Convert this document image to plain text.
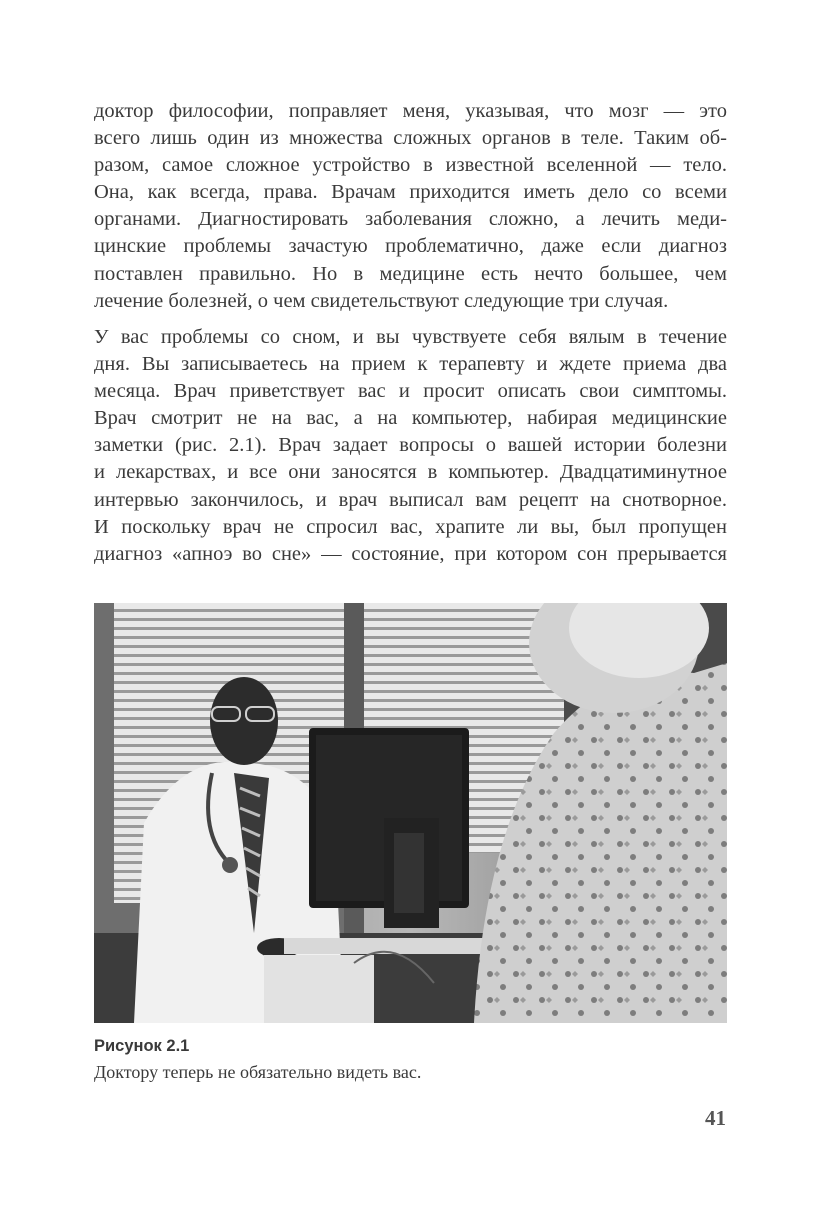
доктор философии, поправляет меня, указывая, что мозг — это
всего лишь один из множества сложных органов в теле. Таким об-
разом, самое сложное устройство в известной вселенной — тело.
Она, как всегда, права. Врачам приходится иметь дело со всеми
органами. Диагностировать заболевания сложно, а лечить меди-
цинские проблемы зачастую проблематично, даже если диагноз
поставлен правильно. Но в медицине есть нечто большее, чем
лечение болезней, о чем свидетельствуют следующие три случая.
У вас проблемы со сном, и вы чувствуете себя вялым в течение
дня. Вы записываетесь на прием к терапевту и ждете приема два
месяца. Врач приветствует вас и просит описать свои симптомы.
Врач смотрит не на вас, а на компьютер, набирая медицинские
заметки (рис. 2.1). Врач задает вопросы о вашей истории болезни
и лекарствах, и все они заносятся в компьютер. Двадцатиминутное
интервью закончилось, и врач выписал вам рецепт на снотворное.
И поскольку врач не спросил вас, храпите ли вы, был пропущен
диагноз «апноэ во сне» — состояние, при котором сон прерывается
Рисунок 2.1
Доктору теперь не обязательно видеть вас.
41
